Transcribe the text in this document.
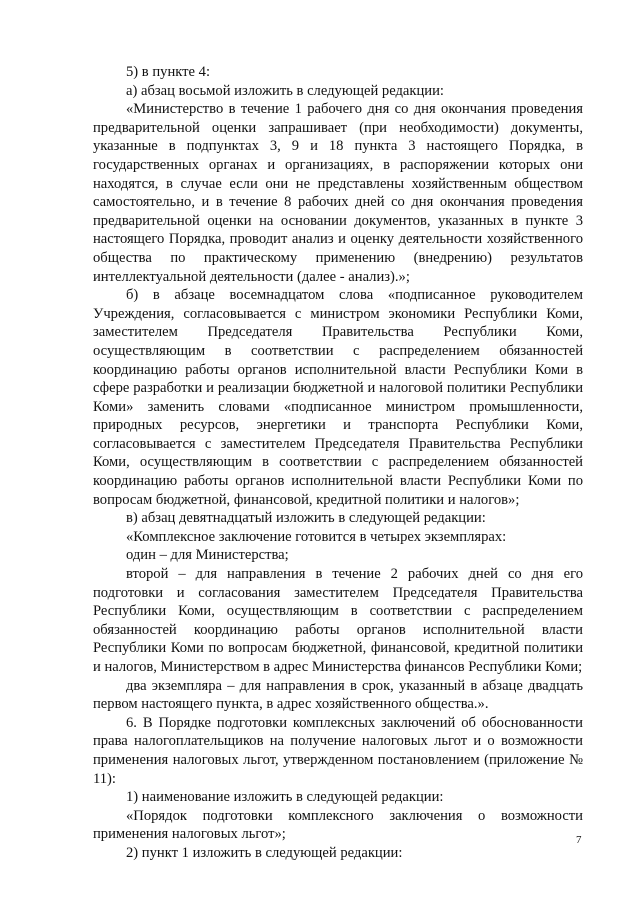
5) в пункте 4:

а) абзац восьмой изложить в следующей редакции:

«Министерство в течение 1 рабочего дня со дня окончания проведения предварительной оценки запрашивает (при необходимости) документы, указанные в подпунктах 3, 9 и 18 пункта 3 настоящего Порядка, в государственных органах и организациях, в распоряжении которых они находятся, в случае если они не представлены хозяйственным обществом самостоятельно, и в течение 8 рабочих дней со дня окончания проведения предварительной оценки на основании документов, указанных в пункте 3 настоящего Порядка, проводит анализ и оценку деятельности хозяйственного общества по практическому применению (внедрению) результатов интеллектуальной деятельности (далее - анализ).»;

б) в абзаце восемнадцатом слова «подписанное руководителем Учреждения, согласовывается с министром экономики Республики Коми, заместителем Председателя Правительства Республики Коми, осуществляющим в соответствии с распределением обязанностей координацию работы органов исполнительной власти Республики Коми в сфере разработки и реализации бюджетной и налоговой политики Республики Коми» заменить словами «подписанное министром промышленности, природных ресурсов, энергетики и транспорта Республики Коми, согласовывается с заместителем Председателя Правительства Республики Коми, осуществляющим в соответствии с распределением обязанностей координацию работы органов исполнительной власти Республики Коми по вопросам бюджетной, финансовой, кредитной политики и налогов»;

в) абзац девятнадцатый изложить в следующей редакции:

«Комплексное заключение готовится в четырех экземплярах:

один – для Министерства;

второй – для направления в течение 2 рабочих дней со дня его подготовки и согласования заместителем Председателя Правительства Республики Коми, осуществляющим в соответствии с распределением обязанностей координацию работы органов исполнительной власти Республики Коми по вопросам бюджетной, финансовой, кредитной политики и налогов, Министерством в адрес Министерства финансов Республики Коми;

два экземпляра – для направления в срок, указанный в абзаце двадцать первом настоящего пункта, в адрес хозяйственного общества.».

6. В Порядке подготовки комплексных заключений об обоснованности права налогоплательщиков на получение налоговых льгот и о возможности применения налоговых льгот, утвержденном постановлением (приложение № 11):

1) наименование изложить в следующей редакции:

«Порядок подготовки комплексного заключения о возможности применения налоговых льгот»;

2) пункт 1 изложить в следующей редакции:

7
